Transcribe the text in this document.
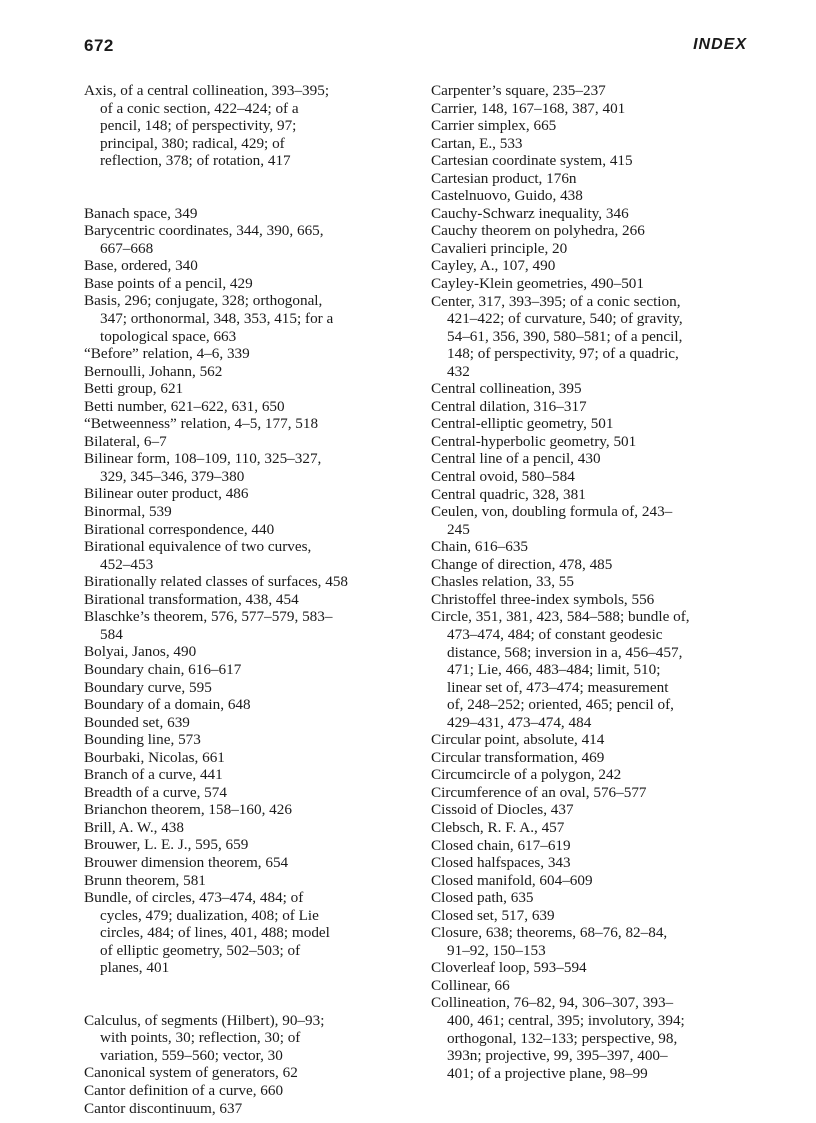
672	INDEX
Axis, of a central collineation, 393–395;
of a conic section, 422–424; of a
pencil, 148; of perspectivity, 97;
principal, 380; radical, 429; of
reflection, 378; of rotation, 417
Banach space, 349
Barycentric coordinates, 344, 390, 665,
667–668
Base, ordered, 340
Base points of a pencil, 429
Basis, 296; conjugate, 328; orthogonal,
347; orthonormal, 348, 353, 415; for a
topological space, 663
“Before” relation, 4–6, 339
Bernoulli, Johann, 562
Betti group, 621
Betti number, 621–622, 631, 650
“Betweenness” relation, 4–5, 177, 518
Bilateral, 6–7
Bilinear form, 108–109, 110, 325–327,
329, 345–346, 379–380
Bilinear outer product, 486
Binormal, 539
Birational correspondence, 440
Birational equivalence of two curves,
452–453
Birationally related classes of surfaces, 458
Birational transformation, 438, 454
Blaschke’s theorem, 576, 577–579, 583–
584
Bolyai, Janos, 490
Boundary chain, 616–617
Boundary curve, 595
Boundary of a domain, 648
Bounded set, 639
Bounding line, 573
Bourbaki, Nicolas, 661
Branch of a curve, 441
Breadth of a curve, 574
Brianchon theorem, 158–160, 426
Brill, A. W., 438
Brouwer, L. E. J., 595, 659
Brouwer dimension theorem, 654
Brunn theorem, 581
Bundle, of circles, 473–474, 484; of
cycles, 479; dualization, 408; of Lie
circles, 484; of lines, 401, 488; model
of elliptic geometry, 502–503; of
planes, 401
Calculus, of segments (Hilbert), 90–93;
with points, 30; reflection, 30; of
variation, 559–560; vector, 30
Canonical system of generators, 62
Cantor definition of a curve, 660
Cantor discontinuum, 637
Carpenter’s square, 235–237
Carrier, 148, 167–168, 387, 401
Carrier simplex, 665
Cartan, E., 533
Cartesian coordinate system, 415
Cartesian product, 176n
Castelnuovo, Guido, 438
Cauchy-Schwarz inequality, 346
Cauchy theorem on polyhedra, 266
Cavalieri principle, 20
Cayley, A., 107, 490
Cayley-Klein geometries, 490–501
Center, 317, 393–395; of a conic section,
421–422; of curvature, 540; of gravity,
54–61, 356, 390, 580–581; of a pencil,
148; of perspectivity, 97; of a quadric,
432
Central collineation, 395
Central dilation, 316–317
Central-elliptic geometry, 501
Central-hyperbolic geometry, 501
Central line of a pencil, 430
Central ovoid, 580–584
Central quadric, 328, 381
Ceulen, von, doubling formula of, 243–
245
Chain, 616–635
Change of direction, 478, 485
Chasles relation, 33, 55
Christoffel three-index symbols, 556
Circle, 351, 381, 423, 584–588; bundle of,
473–474, 484; of constant geodesic
distance, 568; inversion in a, 456–457,
471; Lie, 466, 483–484; limit, 510;
linear set of, 473–474; measurement
of, 248–252; oriented, 465; pencil of,
429–431, 473–474, 484
Circular point, absolute, 414
Circular transformation, 469
Circumcircle of a polygon, 242
Circumference of an oval, 576–577
Cissoid of Diocles, 437
Clebsch, R. F. A., 457
Closed chain, 617–619
Closed halfspaces, 343
Closed manifold, 604–609
Closed path, 635
Closed set, 517, 639
Closure, 638; theorems, 68–76, 82–84,
91–92, 150–153
Cloverleaf loop, 593–594
Collinear, 66
Collineation, 76–82, 94, 306–307, 393–
400, 461; central, 395; involutory, 394;
orthogonal, 132–133; perspective, 98,
393n; projective, 99, 395–397, 400–
401; of a projective plane, 98–99
